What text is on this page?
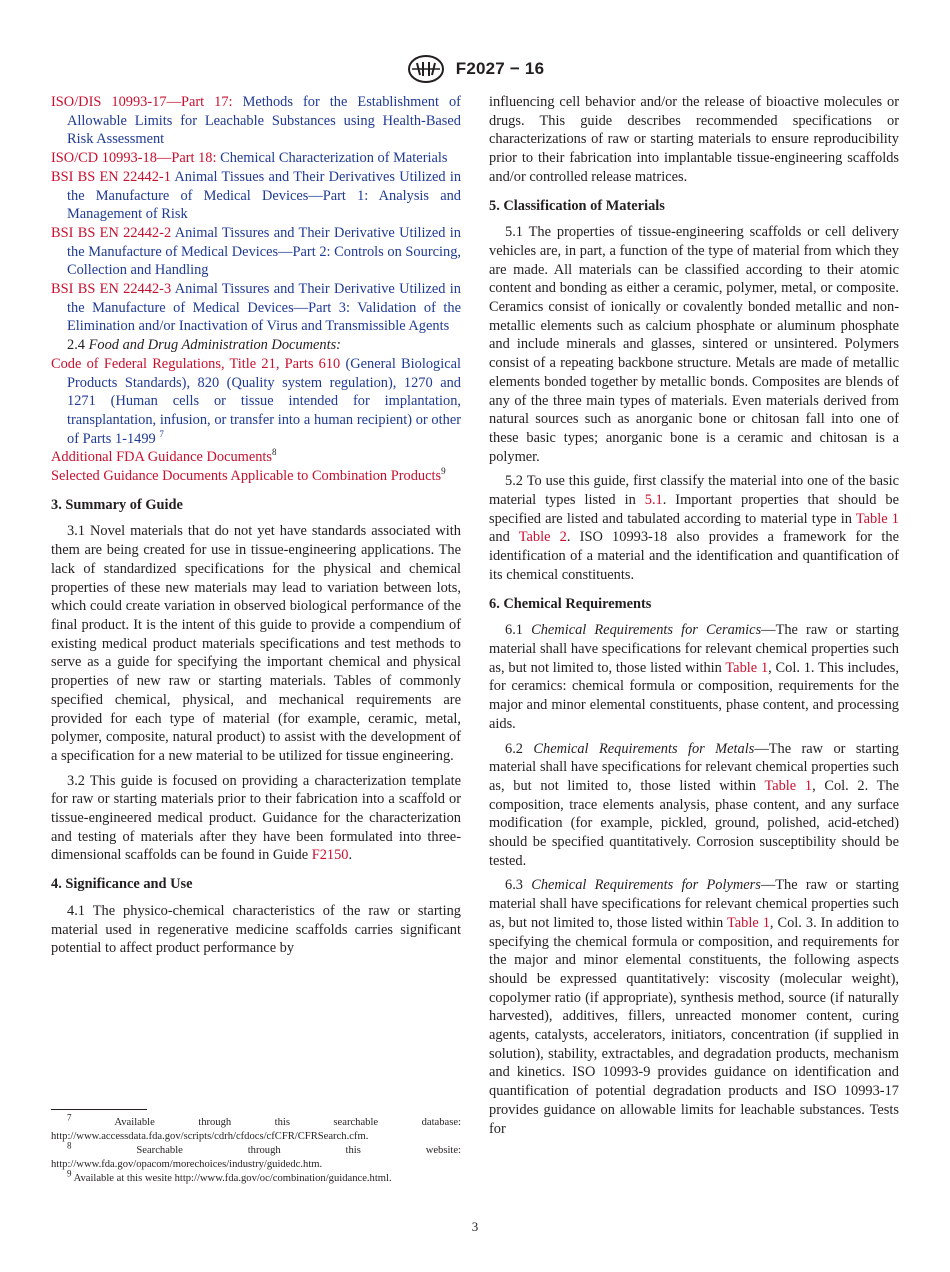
F2027 − 16

ISO/DIS 10993-17—Part 17: Methods for the Establishment of Allowable Limits for Leachable Substances using Health-Based Risk Assessment

ISO/CD 10993-18—Part 18: Chemical Characterization of Materials

BSI BS EN 22442-1 Animal Tissues and Their Derivatives Utilized in the Manufacture of Medical Devices—Part 1: Analysis and Management of Risk

BSI BS EN 22442-2 Animal Tissures and Their Derivative Utilized in the Manufacture of Medical Devices—Part 2: Controls on Sourcing, Collection and Handling

BSI BS EN 22442-3 Animal Tissures and Their Derivative Utilized in the Manufacture of Medical Devices—Part 3: Validation of the Elimination and/or Inactivation of Virus and Transmissible Agents

2.4 Food and Drug Administration Documents:

Code of Federal Regulations, Title 21, Parts 610 (General Biological Products Standards), 820 (Quality system regulation), 1270 and 1271 (Human cells or tissue intended for implantation, transplantation, infusion, or transfer into a human recipient) or other of Parts 1-1499 $^7$

Additional FDA Guidance Documents$^8$

Selected Guidance Documents Applicable to Combination Products$^9$

3. Summary of Guide

3.1 Novel materials that do not yet have standards associated with them are being created for use in tissue-engineering applications. The lack of standardized specifications for the physical and chemical properties of these new materials may lead to variation between lots, which could create variation in observed biological performance of the final product. It is the intent of this guide to provide a compendium of existing medical product materials specifications and test methods to serve as a guide for specifying the important chemical and physical properties of new raw or starting materials. Tables of commonly specified chemical, physical, and mechanical requirements are provided for each type of material (for example, ceramic, metal, polymer, composite, natural product) to assist with the development of a specification for a new material to be utilized for tissue engineering.

3.2 This guide is focused on providing a characterization template for raw or starting materials prior to their fabrication into a scaffold or tissue-engineered medical product. Guidance for the characterization and testing of materials after they have been formulated into three-dimensional scaffolds can be found in Guide F2150.

4. Significance and Use

4.1 The physico-chemical characteristics of the raw or starting material used in regenerative medicine scaffolds carries significant potential to affect product performance by

influencing cell behavior and/or the release of bioactive molecules or drugs. This guide describes recommended specifications or characterizations of raw or starting materials to ensure reproducibility prior to their fabrication into implantable tissue-engineering scaffolds and/or controlled release matrices.

5. Classification of Materials

5.1 The properties of tissue-engineering scaffolds or cell delivery vehicles are, in part, a function of the type of material from which they are made. All materials can be classified according to their atomic content and bonding as either a ceramic, polymer, metal, or composite. Ceramics consist of ionically or covalently bonded metallic and non-metallic elements such as calcium phosphate or aluminum phosphate and include minerals and glasses, sintered or unsintered. Polymers consist of a repeating backbone structure. Metals are made of metallic elements bonded together by metallic bonds. Composites are blends of any of the three main types of materials. Even materials derived from natural sources such as anorganic bone or chitosan fall into one of these basic types; anorganic bone is a ceramic and chitosan is a polymer.

5.2 To use this guide, first classify the material into one of the basic material types listed in 5.1. Important properties that should be specified are listed and tabulated according to material type in Table 1 and Table 2. ISO 10993-18 also provides a framework for the identification of a material and the identification and quantification of its chemical constituents.

6. Chemical Requirements

6.1 Chemical Requirements for Ceramics—The raw or starting material shall have specifications for relevant chemical properties such as, but not limited to, those listed within Table 1, Col. 1. This includes, for ceramics: chemical formula or composition, requirements for the major and minor elemental constituents, phase content, and processing aids.

6.2 Chemical Requirements for Metals—The raw or starting material shall have specifications for relevant chemical properties such as, but not limited to, those listed within Table 1, Col. 2. The composition, trace elements analysis, phase content, and any surface modification (for example, pickled, ground, polished, acid-etched) should be specified quantitatively. Corrosion susceptibility should be tested.

6.3 Chemical Requirements for Polymers—The raw or starting material shall have specifications for relevant chemical properties such as, but not limited to, those listed within Table 1, Col. 3. In addition to specifying the chemical formula or composition, and requirements for the major and minor elemental constituents, the following aspects should be expressed quantitatively: viscosity (molecular weight), copolymer ratio (if appropriate), synthesis method, source (if naturally harvested), additives, fillers, unreacted monomer content, curing agents, catalysts, accelerators, initiators, concentration (if supplied in solution), stability, extractables, and degradation products, mechanism and kinetics. ISO 10993-9 provides guidance on identification and quantification of potential degradation products and ISO 10993-17 provides guidance on allowable limits for leachable substances. Tests for

$^7$	Available through this searchable database: http://www.accessdata.fda.gov/scripts/cdrh/cfdocs/cfCFR/CFRSearch.cfm.

$^8$	Searchable through this website: http://www.fda.gov/opacom/morechoices/industry/guidedc.htm.

$^9$ Available at this wesite http://www.fda.gov/oc/combination/guidance.html.

3
